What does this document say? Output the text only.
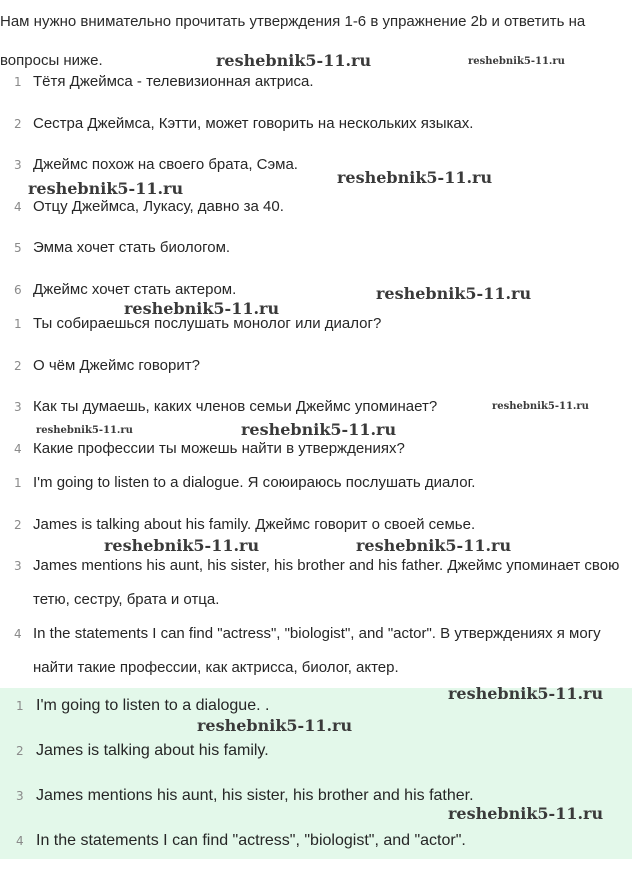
Нам нужно внимательно прочитать утверждения 1-6 в упражнение 2b и ответить на вопросы ниже.

1 Тётя Джеймса - телевизионная актриса.
2 Сестра Джеймса, Кэтти, может говорить на нескольких языках.
3 Джеймс похож на своего брата, Сэма.
4 Отцу Джеймса, Лукасу, давно за 40.
5 Эмма хочет стать биологом.
6 Джеймс хочет стать актером.
1 Ты собираешься послушать монолог или диалог?
2 О чём Джеймс говорит?
3 Как ты думаешь, каких членов семьи Джеймс упоминает?
4 Какие профессии ты можешь найти в утверждениях?
1 I'm going to listen to a dialogue. Я союираюсь послушать диалог.
2 James is talking about his family. Джеймс говорит о своей семье.
3 James mentions his aunt, his sister, his brother and his father. Джеймс упоминает свою тетю, сестру, брата и отца.
4 In the statements I can find "actress", "biologist", and "actor". В утверждениях я могу найти такие профессии, как актрисса, биолог, актер.
1 I'm going to listen to a dialogue. .
2 James is talking about his family.
3 James mentions his aunt, his sister, his brother and his father.
4 In the statements I can find "actress", "biologist", and "actor".
reshebnik5-11.ru	reshebnik5-11.ru
reshebnik5-11.ru
reshebnik5-11.ru
reshebnik5-11.ru
reshebnik5-11.ru
reshebnik5-11.ru
reshebnik5-11.ru	reshebnik5-11.ru
reshebnik5-11.ru	reshebnik5-11.ru
reshebnik5-11.ru
reshebnik5-11.ru
reshebnik5-11.ru
